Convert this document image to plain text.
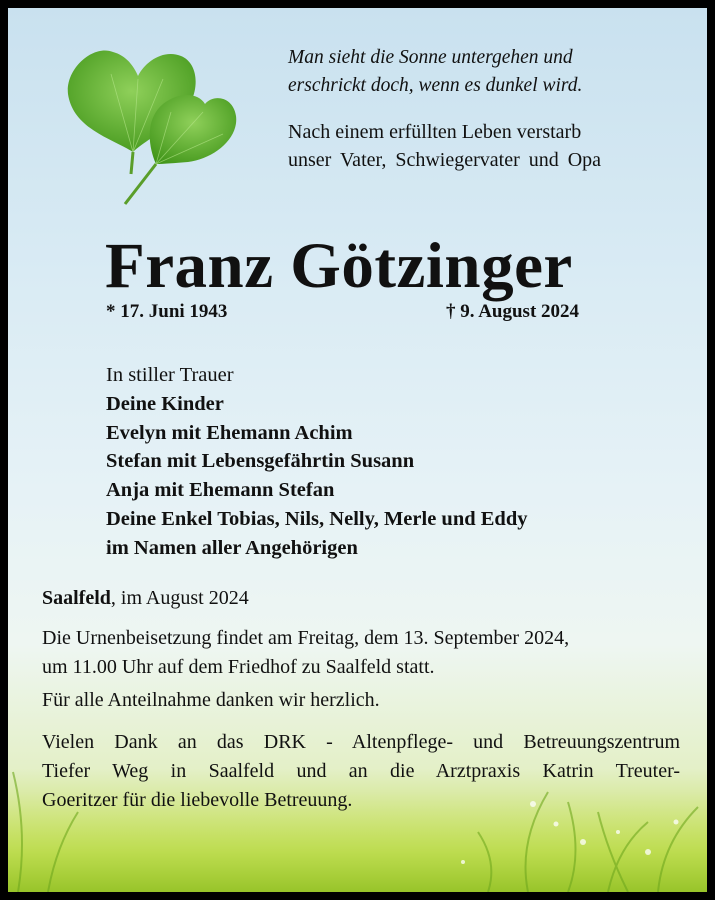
Man sieht die Sonne untergehen und
erschrickt doch, wenn es dunkel wird.
Nach einem erfüllten Leben verstarb
unser Vater, Schwiegervater und Opa
Franz Götzinger
* 17. Juni 1943	† 9. August 2024
In stiller Trauer
Deine Kinder
Evelyn mit Ehemann Achim
Stefan mit Lebensgefährtin Susann
Anja mit Ehemann Stefan
Deine Enkel Tobias, Nils, Nelly, Merle und Eddy
im Namen aller Angehörigen
Saalfeld, im August 2024
Die Urnenbeisetzung findet am Freitag, dem 13. September 2024,
um 11.00 Uhr auf dem Friedhof zu Saalfeld statt.
Für alle Anteilnahme danken wir herzlich.
Vielen Dank an das DRK - Altenpflege- und Betreuungszentrum
Tiefer Weg in Saalfeld und an die Arztpraxis Katrin Treuter-
Goeritzer für die liebevolle Betreuung.
